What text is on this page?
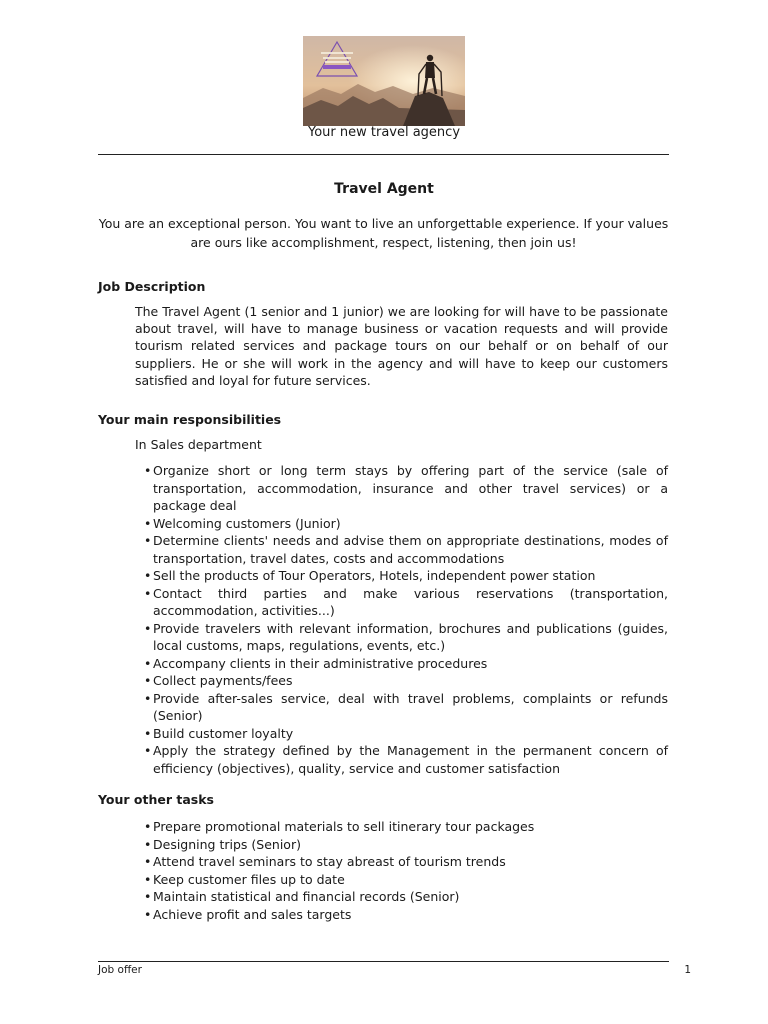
Your new travel agency
Travel Agent
You are an exceptional person. You want to live an unforgettable experience. If your values are ours like accomplishment, respect, listening, then join us!
Job Description
The Travel Agent (1 senior and 1 junior) we are looking for will have to be passionate about travel, will have to manage business or vacation requests and will provide tourism related services and package tours on our behalf or on behalf of our suppliers. He or she will work in the agency and will have to keep our customers satisfied and loyal for future services.
Your main responsibilities
In Sales department
• Organize short or long term stays by offering part of the service (sale of transportation, accommodation, insurance and other travel services) or a package deal
• Welcoming customers (Junior)
• Determine clients' needs and advise them on appropriate destinations, modes of transportation, travel dates, costs and accommodations
• Sell the products of Tour Operators, Hotels, independent power station
• Contact third parties and make various reservations (transportation, accommodation, activities...)
• Provide travelers with relevant information, brochures and publications (guides, local customs, maps, regulations, events, etc.)
• Accompany clients in their administrative procedures
• Collect payments/fees
• Provide after-sales service, deal with travel problems, complaints or refunds (Senior)
• Build customer loyalty
• Apply the strategy defined by the Management in the permanent concern of efficiency (objectives), quality, service and customer satisfaction
Your other tasks
• Prepare promotional materials to sell itinerary tour packages
• Designing trips (Senior)
• Attend travel seminars to stay abreast of tourism trends
• Keep customer files up to date
• Maintain statistical and financial records (Senior)
• Achieve profit and sales targets
Job offer	1
